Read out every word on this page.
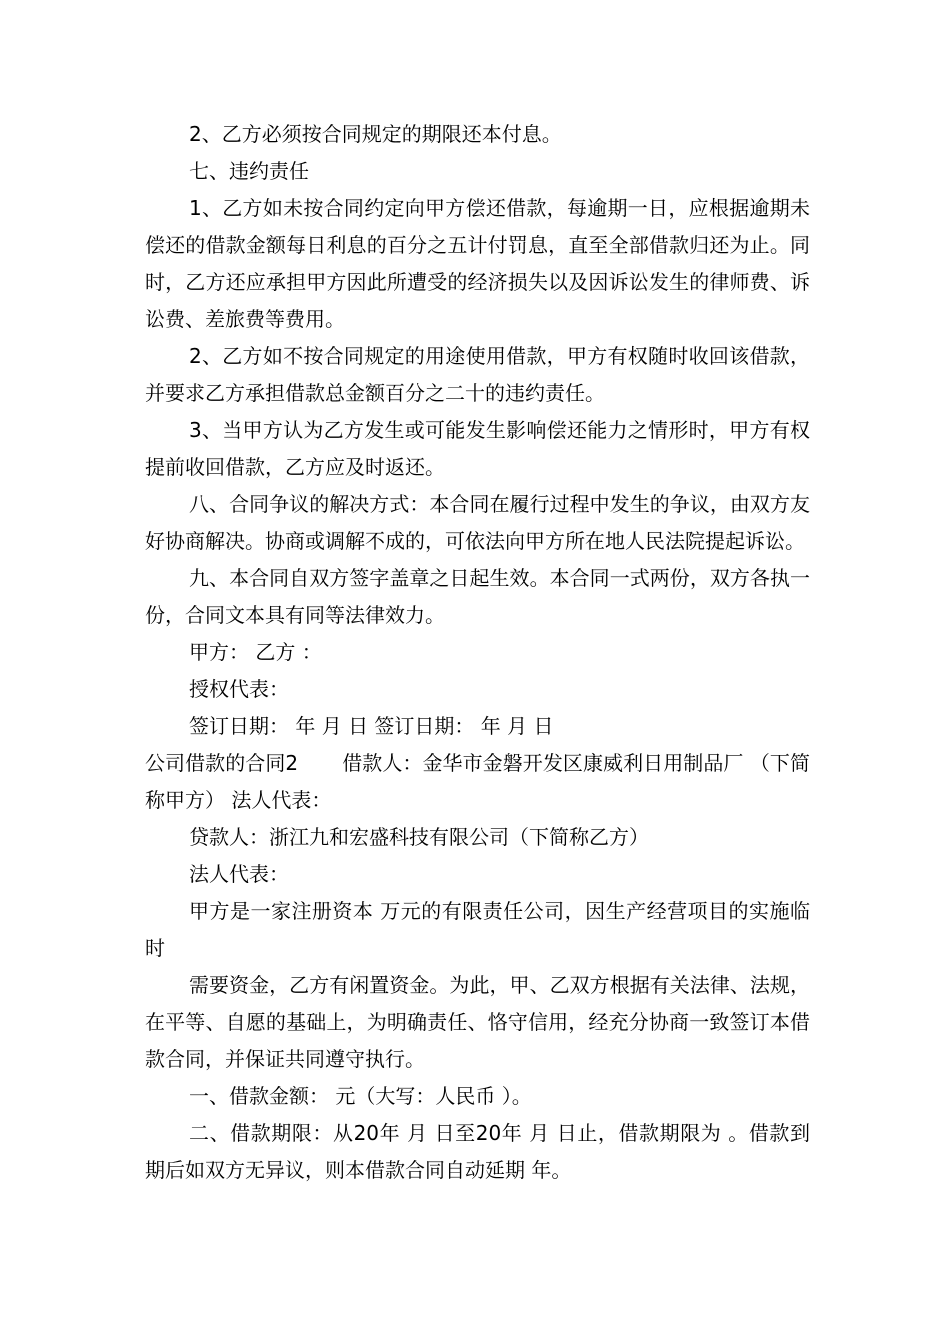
2、乙方必须按合同规定的期限还本付息。

七、违约责任

1、乙方如未按合同约定向甲方偿还借款，每逾期一日，应根据逾期未偿还的借款金额每日利息的百分之五计付罚息，直至全部借款归还为止。同时，乙方还应承担甲方因此所遭受的经济损失以及因诉讼发生的律师费、诉讼费、差旅费等费用。

2、乙方如不按合同规定的用途使用借款，甲方有权随时收回该借款，并要求乙方承担借款总金额百分之二十的违约责任。

3、当甲方认为乙方发生或可能发生影响偿还能力之情形时，甲方有权提前收回借款，乙方应及时返还。

八、合同争议的解决方式：本合同在履行过程中发生的争议，由双方友好协商解决。协商或调解不成的，可依法向甲方所在地人民法院提起诉讼。

九、本合同自双方签字盖章之日起生效。本合同一式两份，双方各执一份，合同文本具有同等法律效力。

甲方： 乙方 ：

授权代表：

签订日期： 年 月 日 签订日期： 年 月 日

公司借款的合同2 借款人：金华市金磐开发区康威利日用制品厂 （下简称甲方） 法人代表：

贷款人：浙江九和宏盛科技有限公司（下简称乙方）

法人代表：

甲方是一家注册资本 万元的有限责任公司，因生产经营项目的实施临时

需要资金，乙方有闲置资金。为此，甲、乙双方根据有关法律、法规，在平等、自愿的基础上，为明确责任、恪守信用，经充分协商一致签订本借款合同，并保证共同遵守执行。

一、借款金额： 元（大写：人民币 ）。

二、借款期限：从20年 月 日至20年 月 日止，借款期限为 。借款到期后如双方无异议，则本借款合同自动延期 年。
